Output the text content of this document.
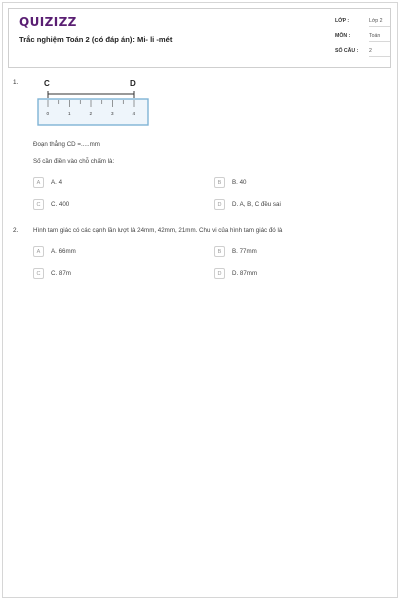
QUIZIZZ
Trắc nghiệm Toán 2 (có đáp án): Mi- li -mét
LỚP :	Lớp 2
MÔN :	Toán
SỐ CÂU : 2
1.	C	D
0	1	2	3	4
Đoạn thẳng CD =.....mm
Số cần điền vào chỗ chấm là:
A	A. 4	B	B. 40
C	C. 400	D	D. A, B, C đều sai
2. Hình tam giác có các cạnh lần lượt là 24mm, 42mm, 21mm. Chu vi của hình tam giác đó là
A	A. 66mm	B	B. 77mm
C	C. 87m	D	D. 87mm
